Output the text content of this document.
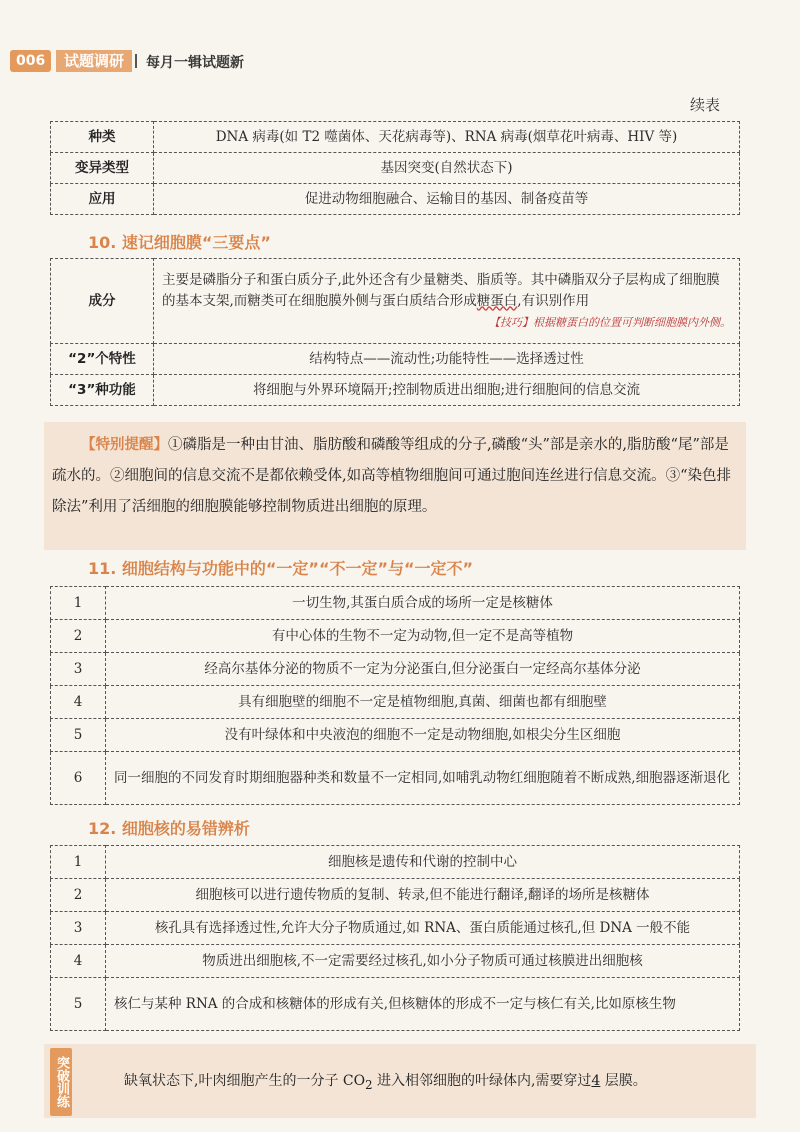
006	试题调研	每月一辑试题新
续表
种类	DNA 病毒(如 T2 噬菌体、天花病毒等)、RNA 病毒(烟草花叶病毒、HIV 等)
变异类型	基因突变(自然状态下)
应用	促进动物细胞融合、运输目的基因、制备疫苗等
10. 速记细胞膜“三要点”
成分	主要是磷脂分子和蛋白质分子,此外还含有少量糖类、脂质等。其中磷脂双分子层构成了细胞膜的基本支架,而糖类可在细胞膜外侧与蛋白质结合形成糖蛋白,有识别作用
【技巧】根据糖蛋白的位置可判断细胞膜内外侧。

“2”个特性	结构特点——流动性;功能特性——选择透过性
“3”种功能	将细胞与外界环境隔开;控制物质进出细胞;进行细胞间的信息交流
【特别提醒】①磷脂是一种由甘油、脂肪酸和磷酸等组成的分子,磷酸“头”部是亲水的,脂肪酸“尾”部是疏水的。②细胞间的信息交流不是都依赖受体,如高等植物细胞间可通过胞间连丝进行信息交流。③“染色排除法”利用了活细胞的细胞膜能够控制物质进出细胞的原理。
11. 细胞结构与功能中的“一定”“不一定”与“一定不”
1	一切生物,其蛋白质合成的场所一定是核糖体
2	有中心体的生物不一定为动物,但一定不是高等植物
3	经高尔基体分泌的物质不一定为分泌蛋白,但分泌蛋白一定经高尔基体分泌
4	具有细胞壁的细胞不一定是植物细胞,真菌、细菌也都有细胞壁
5	没有叶绿体和中央液泡的细胞不一定是动物细胞,如根尖分生区细胞
6	同一细胞的不同发育时期细胞器种类和数量不一定相同,如哺乳动物红细胞随着不断成熟,细胞器逐渐退化
12. 细胞核的易错辨析
1	细胞核是遗传和代谢的控制中心
2	细胞核可以进行遗传物质的复制、转录,但不能进行翻译,翻译的场所是核糖体
3	核孔具有选择透过性,允许大分子物质通过,如 RNA、蛋白质能通过核孔,但 DNA 一般不能
4	物质进出细胞核,不一定需要经过核孔,如小分子物质可通过核膜进出细胞核
5	核仁与某种 RNA 的合成和核糖体的形成有关,但核糖体的形成不一定与核仁有关,比如原核生物
突破训练	缺氧状态下,叶肉细胞产生的一分子 $CO_2$ 进入相邻细胞的叶绿体内,需要穿过4 层膜。
